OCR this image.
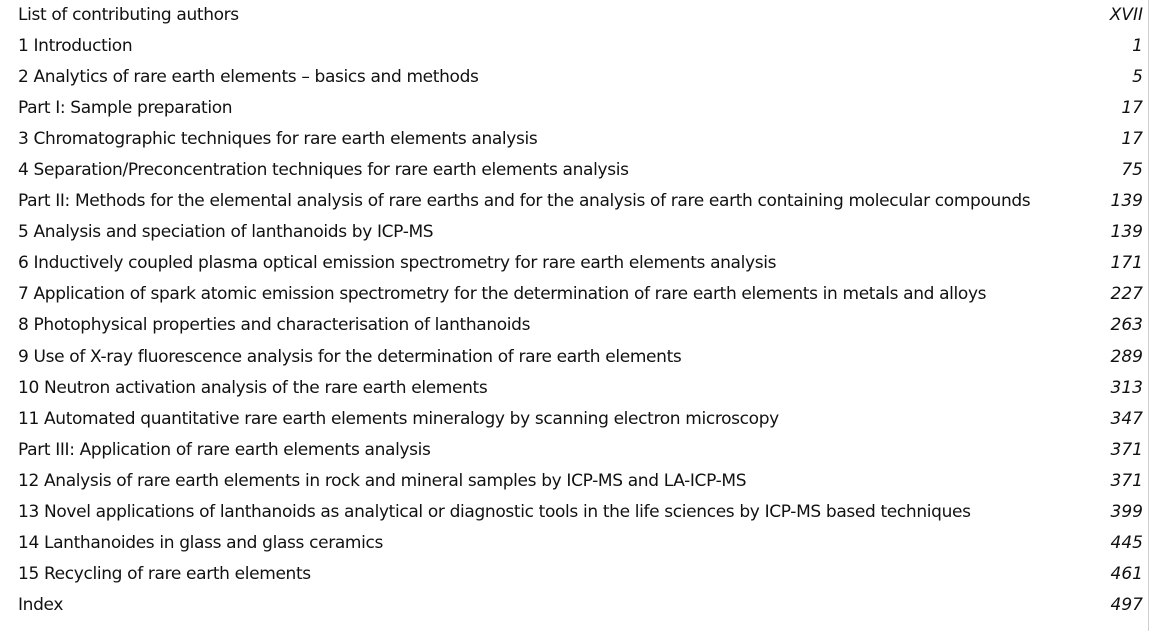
List of contributing authors	XVII
1 Introduction	1
2 Analytics of rare earth elements – basics and methods	5
Part I: Sample preparation	17
3 Chromatographic techniques for rare earth elements analysis	17
4 Separation/Preconcentration techniques for rare earth elements analysis	75
Part II: Methods for the elemental analysis of rare earths and for the analysis of rare earth containing molecular compounds	139
5 Analysis and speciation of lanthanoids by ICP-MS	139
6 Inductively coupled plasma optical emission spectrometry for rare earth elements analysis	171
7 Application of spark atomic emission spectrometry for the determination of rare earth elements in metals and alloys	227
8 Photophysical properties and characterisation of lanthanoids	263
9 Use of X-ray fluorescence analysis for the determination of rare earth elements	289
10 Neutron activation analysis of the rare earth elements	313
11 Automated quantitative rare earth elements mineralogy by scanning electron microscopy	347
Part III: Application of rare earth elements analysis	371
12 Analysis of rare earth elements in rock and mineral samples by ICP-MS and LA-ICP-MS	371
13 Novel applications of lanthanoids as analytical or diagnostic tools in the life sciences by ICP-MS based techniques	399
14 Lanthanoides in glass and glass ceramics	445
15 Recycling of rare earth elements	461
Index	497
